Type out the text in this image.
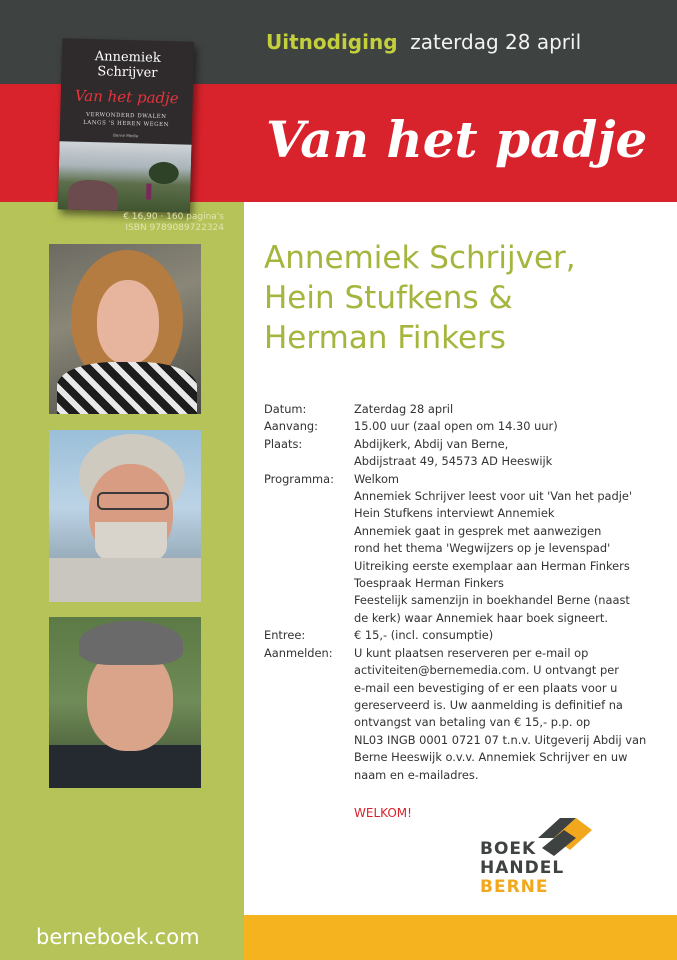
Uitnodiging zaterdag 28 april
Van het padje
Annemiek
Schrijver
Van het padje
VERWONDERD DWALEN
LANGS 'S HEREN WEGEN
Berne Media
€ 16,90 · 160 pagina's
ISBN 9789089722324
Annemiek Schrijver,
Hein Stufkens &
Herman Finkers
Datum:	Zaterdag 28 april
Aanvang:	15.00 uur (zaal open om 14.30 uur)
Plaats:	Abdijkerk, Abdij van Berne,
Abdijstraat 49, 54573 AD Heeswijk
Programma:	Welkom
Annemiek Schrijver leest voor uit 'Van het padje'
Hein Stufkens interviewt Annemiek
Annemiek gaat in gesprek met aanwezigen
rond het thema 'Wegwijzers op je levenspad'
Uitreiking eerste exemplaar aan Herman Finkers
Toespraak Herman Finkers
Feestelijk samenzijn in boekhandel Berne (naast
de kerk) waar Annemiek haar boek signeert.
Entree:	€ 15,- (incl. consumptie)
Aanmelden:	U kunt plaatsen reserveren per e-mail op
activiteiten@bernemedia.com. U ontvangt per
e-mail een bevestiging of er een plaats voor u
gereserveerd is. Uw aanmelding is definitief na
ontvangst van betaling van € 15,- p.p. op
NL03 INGB 0001 0721 07 t.n.v. Uitgeverij Abdij van
Berne Heeswijk o.v.v. Annemiek Schrijver en uw
naam en e-mailadres.
WELKOM!
BOEK
HANDEL
BERNE
berneboek.com
